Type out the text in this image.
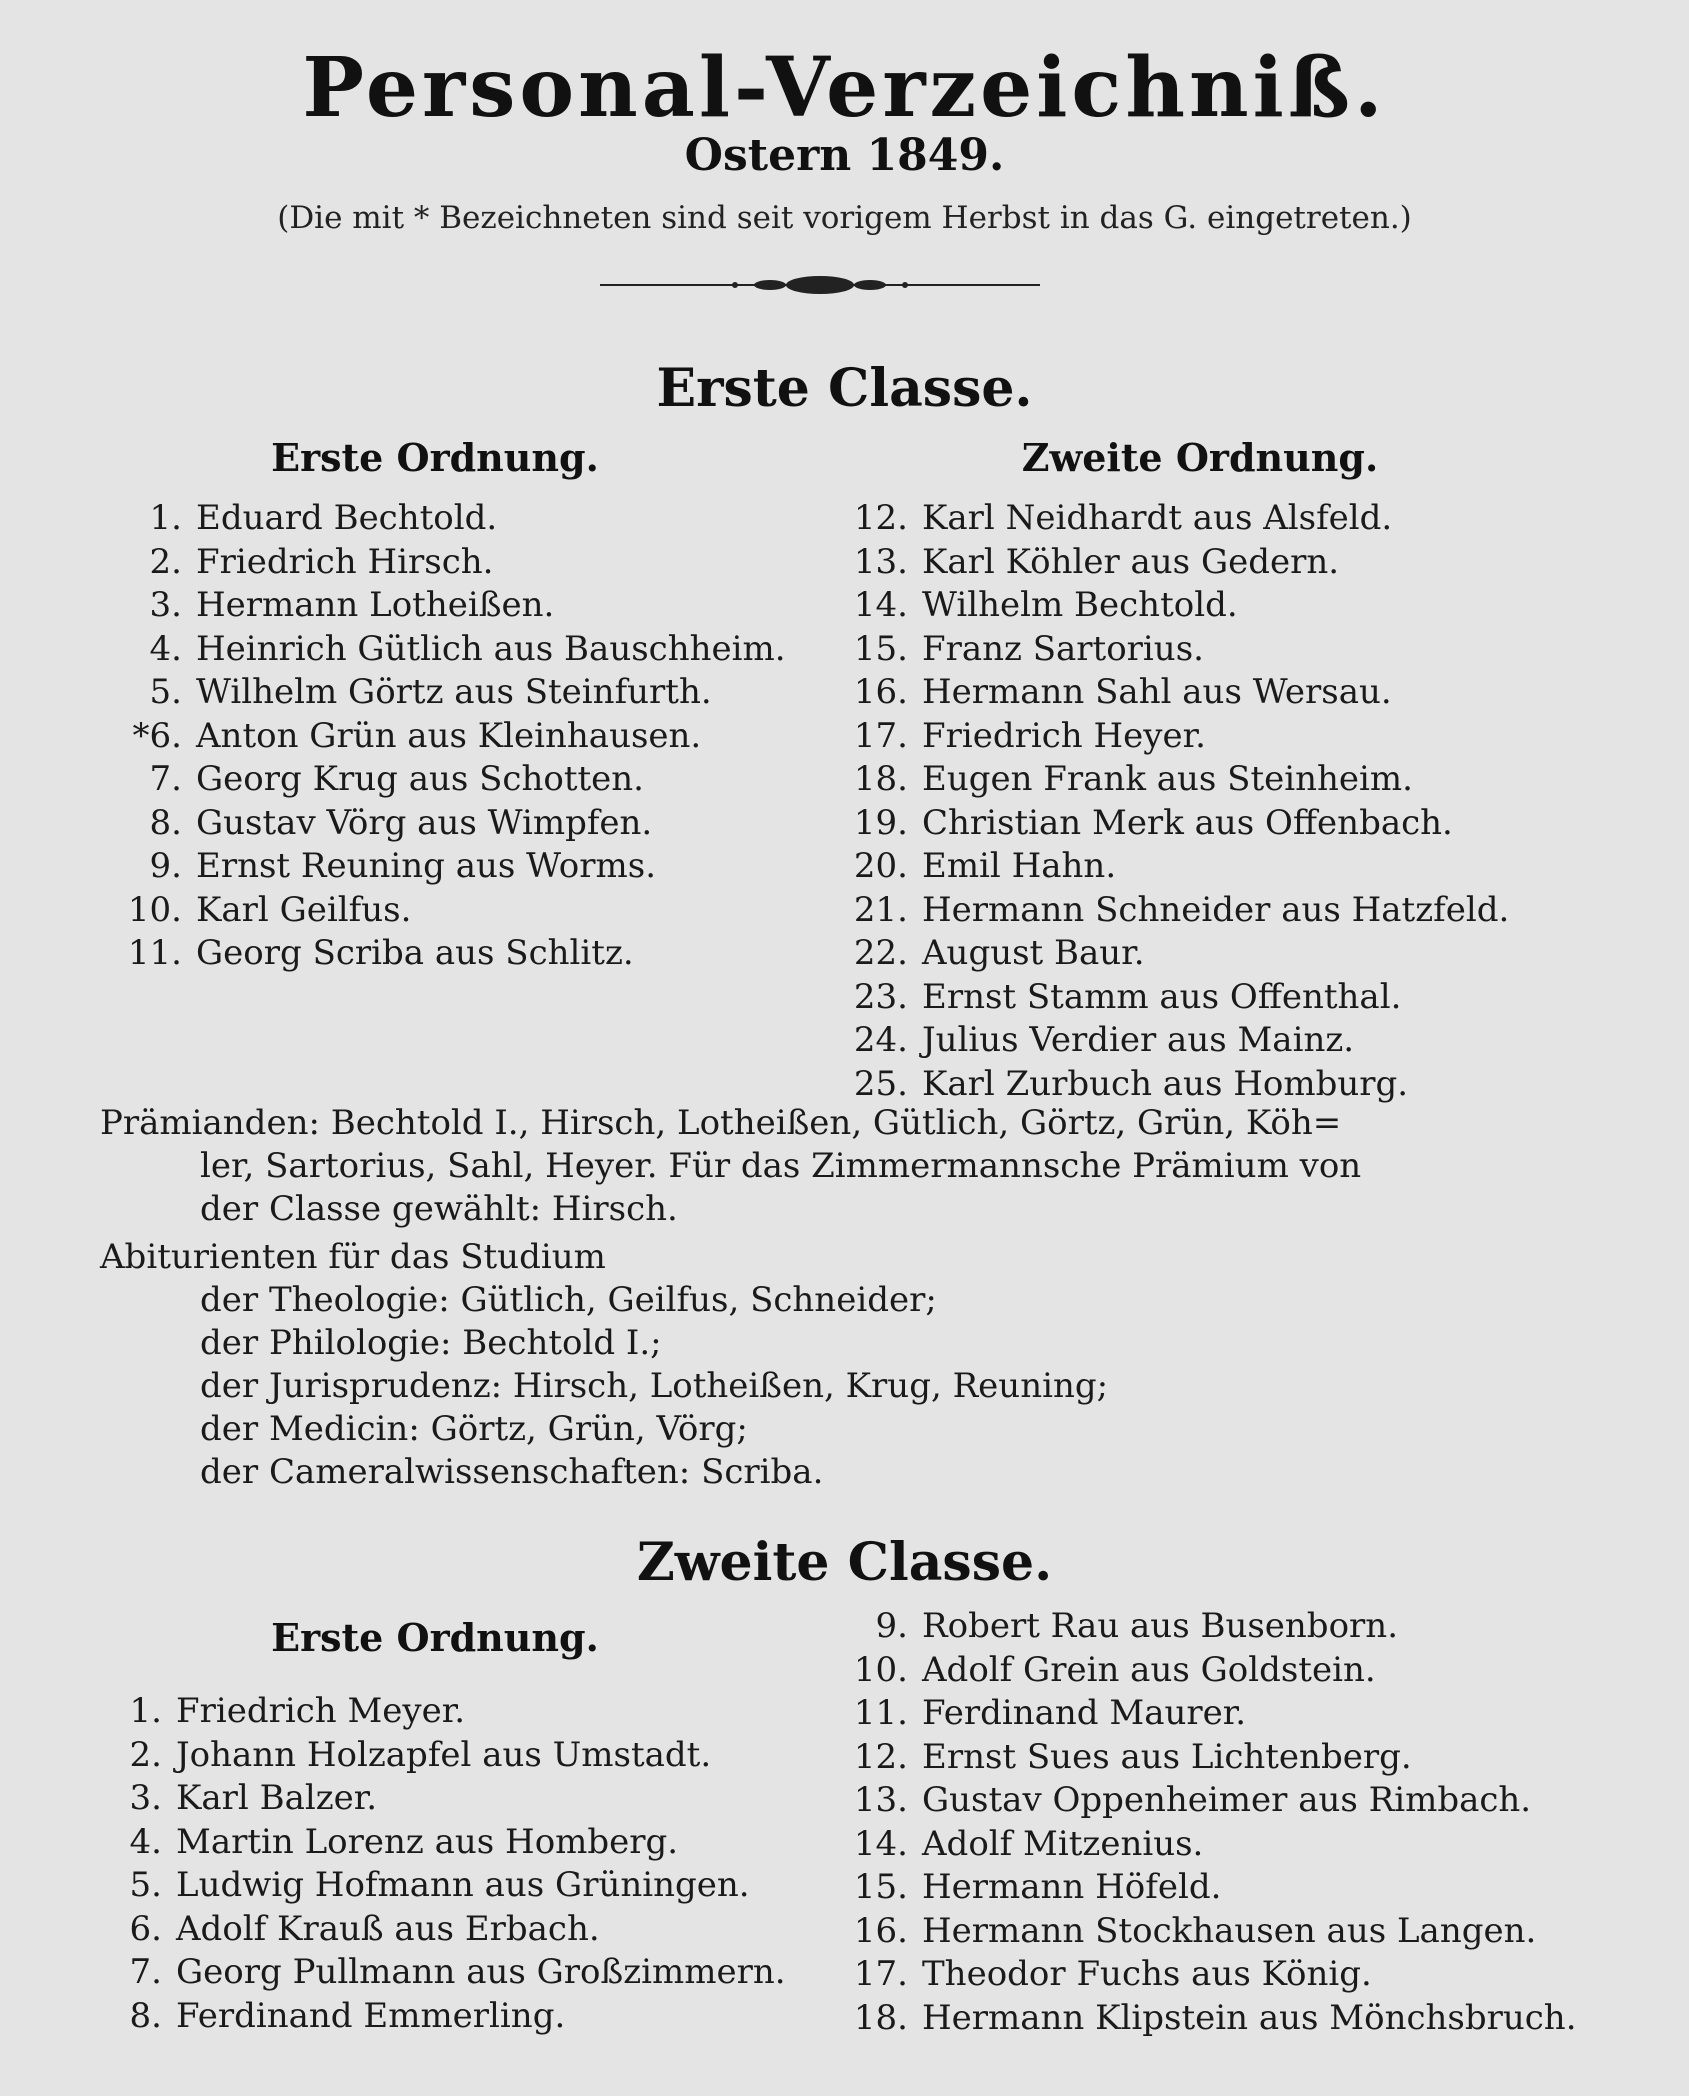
Personal-Verzeichniß.
Ostern 1849.
(Die mit * Bezeichneten sind seit vorigem Herbst in das G. eingetreten.)
Erste Classe.
Erste Ordnung.	Zweite Ordnung.
1. Eduard Bechtold.
2. Friedrich Hirsch.
3. Hermann Lotheißen.
4. Heinrich Gütlich aus Bauschheim.
5. Wilhelm Görtz aus Steinfurth.
*6. Anton Grün aus Kleinhausen.
7. Georg Krug aus Schotten.
8. Gustav Vörg aus Wimpfen.
9. Ernst Reuning aus Worms.
10. Karl Geilfus.
11. Georg Scriba aus Schlitz.
12. Karl Neidhardt aus Alsfeld.
13. Karl Köhler aus Gedern.
14. Wilhelm Bechtold.
15. Franz Sartorius.
16. Hermann Sahl aus Wersau.
17. Friedrich Heyer.
18. Eugen Frank aus Steinheim.
19. Christian Merk aus Offenbach.
20. Emil Hahn.
21. Hermann Schneider aus Hatzfeld.
22. August Baur.
23. Ernst Stamm aus Offenthal.
24. Julius Verdier aus Mainz.
25. Karl Zurbuch aus Homburg.

Prämianden: Bechtold I., Hirsch, Lotheißen, Gütlich, Görtz, Grün, Köh=

ler, Sartorius, Sahl, Heyer. Für das Zimmermannsche Prämium von

der Classe gewählt: Hirsch.

Abiturienten für das Studium

der Theologie: Gütlich, Geilfus, Schneider;

der Philologie: Bechtold I.;

der Jurisprudenz: Hirsch, Lotheißen, Krug, Reuning;

der Medicin: Görtz, Grün, Vörg;

der Cameralwissenschaften: Scriba.

Zweite Classe.
Erste Ordnung.
1. Friedrich Meyer.
2. Johann Holzapfel aus Umstadt.
3. Karl Balzer.
4. Martin Lorenz aus Homberg.
5. Ludwig Hofmann aus Grüningen.
6. Adolf Krauß aus Erbach.
7. Georg Pullmann aus Großzimmern.
8. Ferdinand Emmerling.
9. Robert Rau aus Busenborn.
10. Adolf Grein aus Goldstein.
11. Ferdinand Maurer.
12. Ernst Sues aus Lichtenberg.
13. Gustav Oppenheimer aus Rimbach.
14. Adolf Mitzenius.
15. Hermann Höfeld.
16. Hermann Stockhausen aus Langen.
17. Theodor Fuchs aus König.
18. Hermann Klipstein aus Mönchsbruch.
